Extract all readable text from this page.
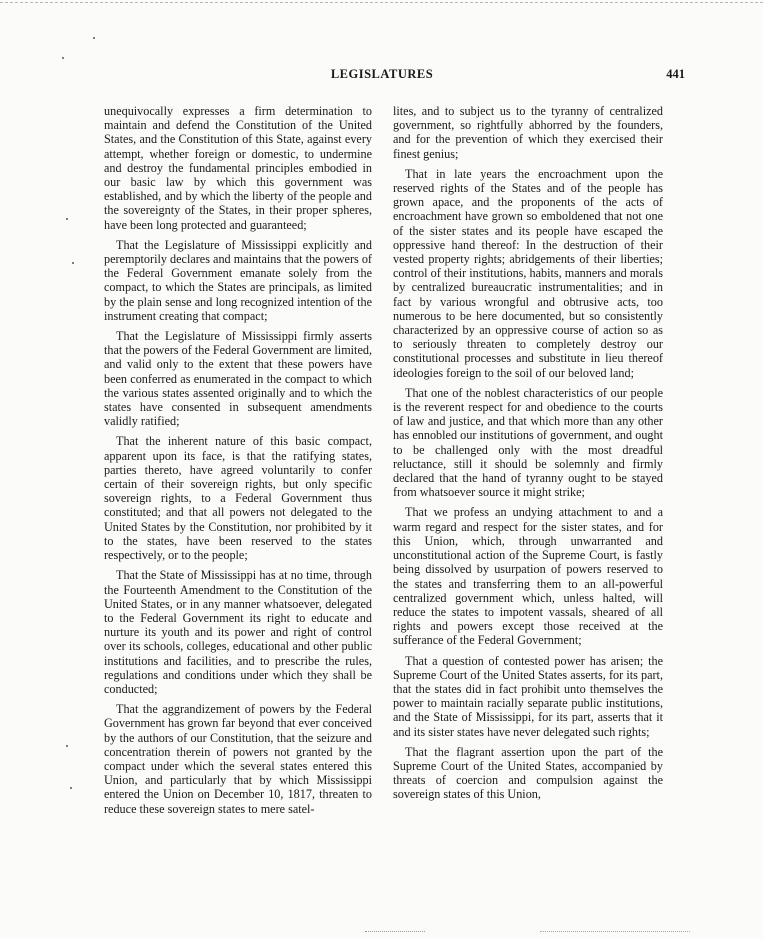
LEGISLATURES	441

unequivocally expresses a firm determination to maintain and defend the Constitution of the United States, and the Constitution of this State, against every attempt, whether foreign or domestic, to undermine and destroy the fundamental principles embodied in our basic law by which this government was established, and by which the liberty of the people and the sovereignty of the States, in their proper spheres, have been long protected and guaranteed;

That the Legislature of Mississippi explicitly and peremptorily declares and maintains that the powers of the Federal Government emanate solely from the compact, to which the States are principals, as limited by the plain sense and long recognized intention of the instrument creating that compact;

That the Legislature of Mississippi firmly asserts that the powers of the Federal Government are limited, and valid only to the extent that these powers have been conferred as enumerated in the compact to which the various states assented originally and to which the states have consented in subsequent amendments validly ratified;

That the inherent nature of this basic compact, apparent upon its face, is that the ratifying states, parties thereto, have agreed voluntarily to confer certain of their sovereign rights, but only specific sovereign rights, to a Federal Government thus constituted; and that all powers not delegated to the United States by the Constitution, nor prohibited by it to the states, have been reserved to the states respectively, or to the people;

That the State of Mississippi has at no time, through the Fourteenth Amendment to the Constitution of the United States, or in any manner whatsoever, delegated to the Federal Government its right to educate and nurture its youth and its power and right of control over its schools, colleges, educational and other public institutions and facilities, and to prescribe the rules, regulations and conditions under which they shall be conducted;

That the aggrandizement of powers by the Federal Government has grown far beyond that ever conceived by the authors of our Constitution, that the seizure and concentration therein of powers not granted by the compact under which the several states entered this Union, and particularly that by which Mississippi entered the Union on December 10, 1817, threaten to reduce these sovereign states to mere satel-

lites, and to subject us to the tyranny of centralized government, so rightfully abhorred by the founders, and for the prevention of which they exercised their finest genius;

That in late years the encroachment upon the reserved rights of the States and of the people has grown apace, and the proponents of the acts of encroachment have grown so emboldened that not one of the sister states and its people have escaped the oppressive hand thereof: In the destruction of their vested property rights; abridgements of their liberties; control of their institutions, habits, manners and morals by centralized bureaucratic instrumentalities; and in fact by various wrongful and obtrusive acts, too numerous to be here documented, but so consistently characterized by an oppressive course of action so as to seriously threaten to completely destroy our constitutional processes and substitute in lieu thereof ideologies foreign to the soil of our beloved land;

That one of the noblest characteristics of our people is the reverent respect for and obedience to the courts of law and justice, and that which more than any other has ennobled our institutions of government, and ought to be challenged only with the most dreadful reluctance, still it should be solemnly and firmly declared that the hand of tyranny ought to be stayed from whatsoever source it might strike;

That we profess an undying attachment to and a warm regard and respect for the sister states, and for this Union, which, through unwarranted and unconstitutional action of the Supreme Court, is fastly being dissolved by usurpation of powers reserved to the states and transferring them to an all-powerful centralized government which, unless halted, will reduce the states to impotent vassals, sheared of all rights and powers except those received at the sufferance of the Federal Government;

That a question of contested power has arisen; the Supreme Court of the United States asserts, for its part, that the states did in fact prohibit unto themselves the power to maintain racially separate public institutions, and the State of Mississippi, for its part, asserts that it and its sister states have never delegated such rights;

That the flagrant assertion upon the part of the Supreme Court of the United States, accompanied by threats of coercion and compulsion against the sovereign states of this Union,
